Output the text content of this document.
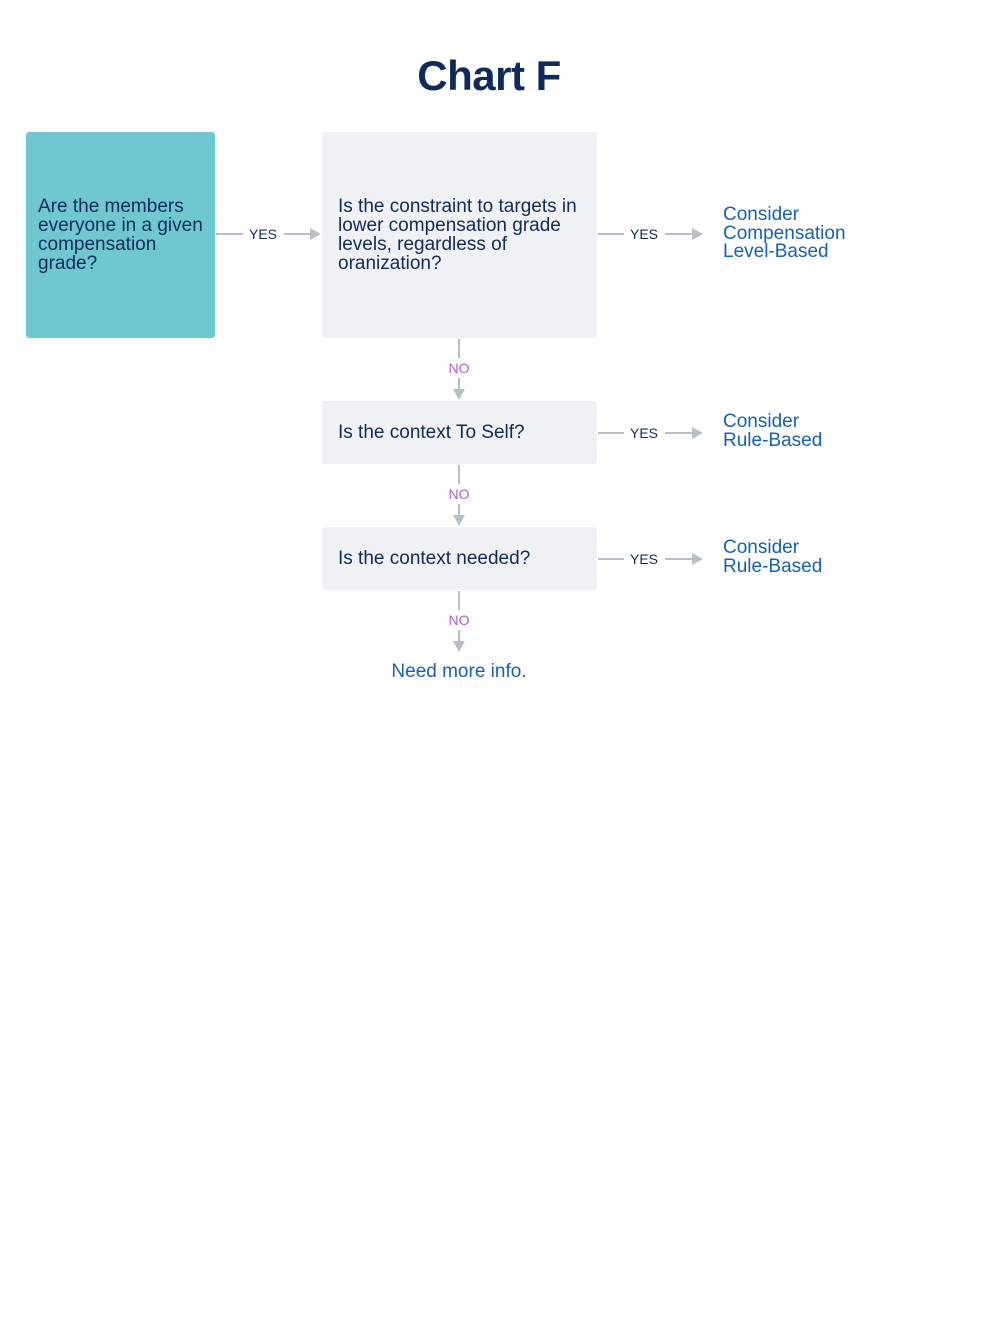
Chart F
Are the members everyone in a given compensation grade?
Is the constraint to targets in lower compensation grade levels, regardless of oranization?
Is the context To Self?
Is the context needed?
YES	YES
YES
YES
NO
NO
NO
Consider
Compensation
Level-Based
Consider
Rule-Based
Consider
Rule-Based
Need more info.
